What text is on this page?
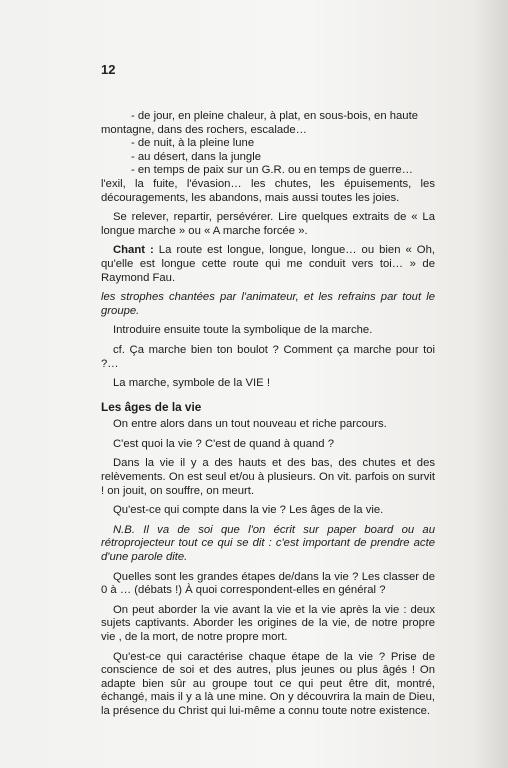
12

- de jour, en pleine chaleur, à plat, en sous-bois, en haute
montagne, dans des rochers, escalade…
- de nuit, à la pleine lune
- au désert, dans la jungle
- en temps de paix sur un G.R. ou en temps de guerre…
l'exil, la fuite, l'évasion… les chutes, les épuisements, les découragements, les abandons, mais aussi toutes les joies.

Se relever, repartir, persévérer. Lire quelques extraits de « La longue marche » ou « A marche forcée ».

Chant : La route est longue, longue, longue… ou bien « Oh, qu'elle est longue cette route qui me conduit vers toi… » de Raymond Fau.

les strophes chantées par l'animateur, et les refrains par tout le groupe.

Introduire ensuite toute la symbolique de la marche.

cf. Ça marche bien ton boulot ? Comment ça marche pour toi ?…

La marche, symbole de la VIE !

Les âges de la vie

On entre alors dans un tout nouveau et riche parcours.

C'est quoi la vie ? C'est de quand à quand ?

Dans la vie il y a des hauts et des bas, des chutes et des relèvements. On est seul et/ou à plusieurs. On vit. parfois on survit ! on jouit, on souffre, on meurt.

Qu'est-ce qui compte dans la vie ? Les âges de la vie.

N.B. Il va de soi que l'on écrit sur paper board ou au rétroprojecteur tout ce qui se dit : c'est important de prendre acte d'une parole dite.

Quelles sont les grandes étapes de/dans la vie ? Les classer de 0 à … (débats !) À quoi correspondent-elles en général ?

On peut aborder la vie avant la vie et la vie après la vie : deux sujets captivants. Aborder les origines de la vie, de notre propre vie , de la mort, de notre propre mort.

Qu'est-ce qui caractérise chaque étape de la vie ? Prise de conscience de soi et des autres, plus jeunes ou plus âgés ! On adapte bien sûr au groupe tout ce qui peut être dit, montré, échangé, mais il y a là une mine. On y découvrira la main de Dieu, la présence du Christ qui lui-même a connu toute notre existence.
